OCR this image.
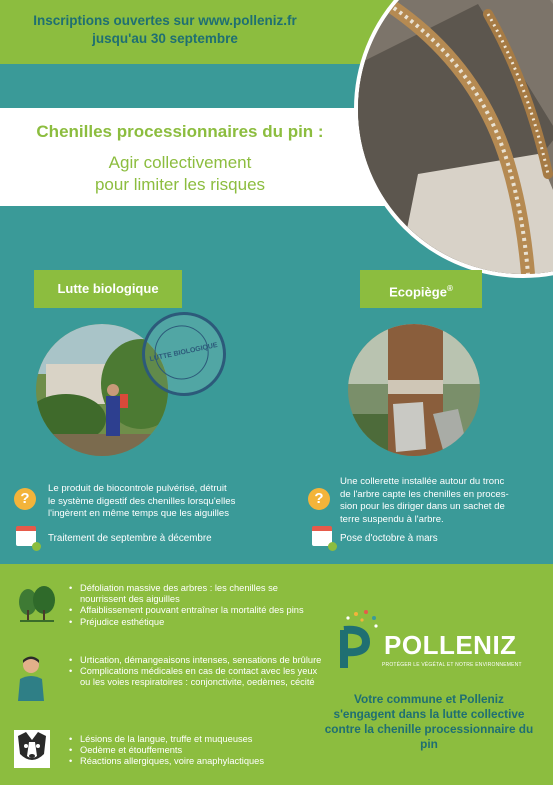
Inscriptions ouvertes sur www.polleniz.fr
jusqu'au 30 septembre
Chenilles processionnaires du pin :
Agir collectivement
pour limiter les risques
Lutte biologique	Ecopiège®
LUTTE BIOLOGIQUE
?
Le produit de biocontrole pulvérisé, détruit
le système digestif des chenilles lorsqu'elles
l'ingèrent en même temps que les aiguilles
Traitement de septembre à décembre
?
Une collerette installée autour du tronc
de l'arbre capte les chenilles en proces-
sion pour les diriger dans un sachet de
terre suspendu à l'arbre.
Pose d'octobre à mars
• Défoliation massive des arbres : les chenilles se nourrissent des aiguilles
• Affaiblissement pouvant entraîner la mortalité des pins
• Préjudice esthétique
• Urtication, démangeaisons intenses, sensations de brûlure
• Complications médicales en cas de contact avec les yeux ou les voies respiratoires : conjonctivite, oedèmes, cécité
• Lésions de la langue, truffe et muqueuses
• Oedème et étouffements
• Réactions allergiques, voire anaphylactiques
POLLENIZ
PROTÉGER LE VÉGÉTAL ET NOTRE ENVIRONNEMENT
Votre commune et Polleniz
s'engagent dans la lutte collective
contre la chenille processionnaire du
pin
